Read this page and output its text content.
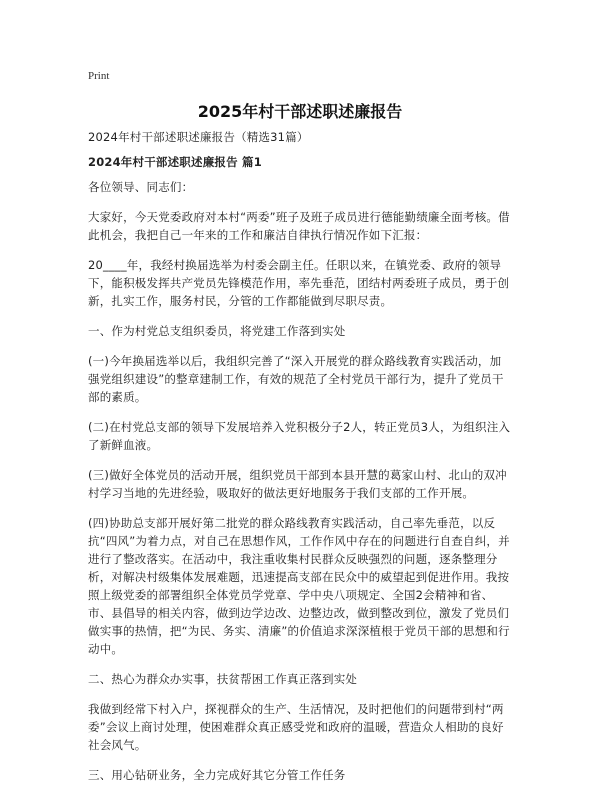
Print
2025年村干部述职述廉报告

2024年村干部述职述廉报告（精选31篇）

2024年村干部述职述廉报告 篇1

各位领导、同志们：

大家好，今天党委政府对本村“两委”班子及班子成员进行德能勤绩廉全面考核。借此机会，我把自己一年来的工作和廉洁自律执行情况作如下汇报：

20____年，我经村换届选举为村委会副主任。任职以来，在镇党委、政府的领导下，能积极发挥共产党员先锋模范作用，率先垂范，团结村两委班子成员，勇于创新，扎实工作，服务村民，分管的工作都能做到尽职尽责。

一、作为村党总支组织委员，将党建工作落到实处

(一)今年换届选举以后，我组织完善了“深入开展党的群众路线教育实践活动，加强党组织建设”的整章建制工作，有效的规范了全村党员干部行为，提升了党员干部的素质。

(二)在村党总支部的领导下发展培养入党积极分子2人，转正党员3人，为组织注入了新鲜血液。

(三)做好全体党员的活动开展，组织党员干部到本县开慧的葛家山村、北山的双冲村学习当地的先进经验，吸取好的做法更好地服务于我们支部的工作开展。

(四)协助总支部开展好第二批党的群众路线教育实践活动，自己率先垂范，以反抗“四风”为着力点，对自己在思想作风，工作作风中存在的问题进行自查自纠，并进行了整改落实。在活动中，我注重收集村民群众反映强烈的问题，逐条整理分析，对解决村级集体发展难题，迅速提高支部在民众中的威望起到促进作用。我按照上级党委的部署组织全体党员学党章、学中央八项规定、全国2会精神和省、市、县倡导的相关内容，做到边学边改、边整边改，做到整改到位，激发了党员们做实事的热情，把“为民、务实、清廉”的价值追求深深植根于党员干部的思想和行动中。

二、热心为群众办实事，扶贫帮困工作真正落到实处

我做到经常下村入户，探视群众的生产、生活情况，及时把他们的问题带到村“两委”会议上商讨处理，使困难群众真正感受党和政府的温暖，营造众人相助的良好社会风气。

三、用心钻研业务，全力完成好其它分管工作任务
